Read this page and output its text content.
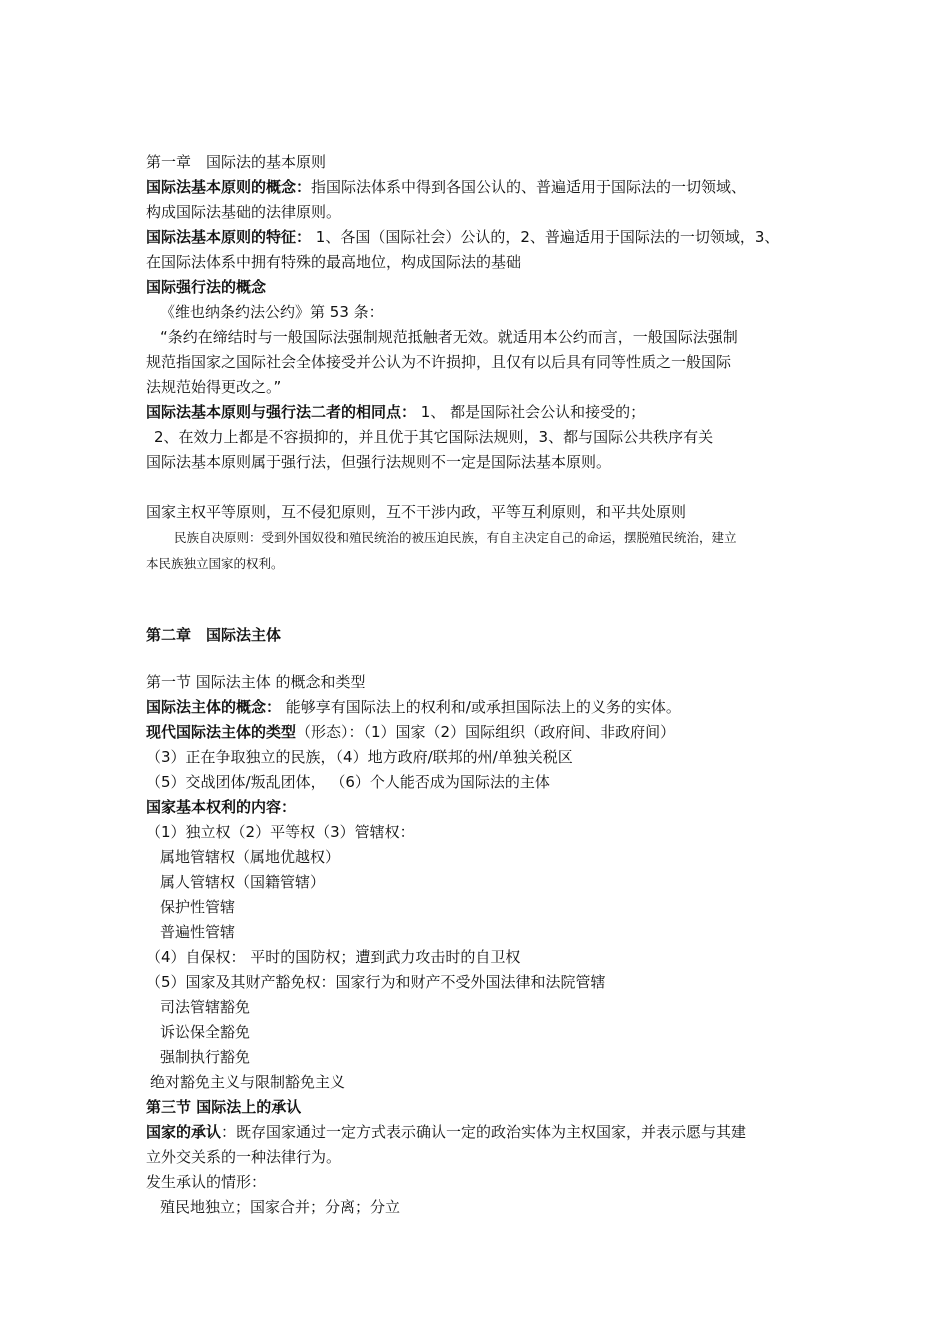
第一章　国际法的基本原则
国际法基本原则的概念：指国际法体系中得到各国公认的、普遍适用于国际法的一切领域、
构成国际法基础的法律原则。
国际法基本原则的特征： 1、各国（国际社会）公认的，2、普遍适用于国际法的一切领域，3、
在国际法体系中拥有特殊的最高地位，构成国际法的基础
国际强行法的概念
《维也纳条约法公约》第 53 条：
“条约在缔结时与一般国际法强制规范抵触者无效。就适用本公约而言，一般国际法强制
规范指国家之国际社会全体接受并公认为不许损抑，且仅有以后具有同等性质之一般国际
法规范始得更改之。”
国际法基本原则与强行法二者的相同点： 1、 都是国际社会公认和接受的；
2、在效力上都是不容损抑的，并且优于其它国际法规则，3、都与国际公共秩序有关
国际法基本原则属于强行法，但强行法规则不一定是国际法基本原则。
国家主权平等原则，互不侵犯原则，互不干涉内政，平等互利原则，和平共处原则
民族自决原则：受到外国奴役和殖民统治的被压迫民族，有自主决定自己的命运，摆脱殖民统治，建立
本民族独立国家的权利。
第二章　国际法主体
第一节 国际法主体 的概念和类型
国际法主体的概念： 能够享有国际法上的权利和/或承担国际法上的义务的实体。
现代国际法主体的类型（形态）：（1）国家（2）国际组织（政府间、非政府间）
（3）正在争取独立的民族，（4）地方政府/联邦的州/单独关税区
（5）交战团体/叛乱团体， （6）个人能否成为国际法的主体
国家基本权利的内容：
（1）独立权（2）平等权（3）管辖权：
属地管辖权（属地优越权）
属人管辖权（国籍管辖）
保护性管辖
普遍性管辖
（4）自保权： 平时的国防权；遭到武力攻击时的自卫权
（5）国家及其财产豁免权：国家行为和财产不受外国法律和法院管辖
司法管辖豁免
诉讼保全豁免
强制执行豁免
绝对豁免主义与限制豁免主义
第三节 国际法上的承认
国家的承认：既存国家通过一定方式表示确认一定的政治实体为主权国家，并表示愿与其建
立外交关系的一种法律行为。
发生承认的情形：
殖民地独立；国家合并；分离；分立
